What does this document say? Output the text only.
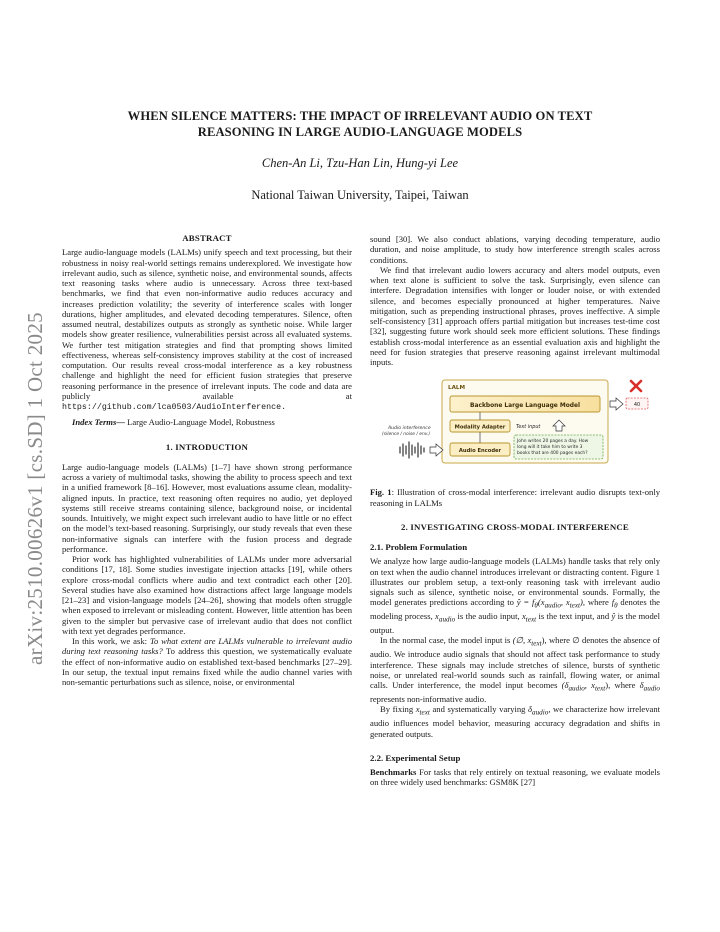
arXiv:2510.00626v1 [cs.SD] 1 Oct 2025
WHEN SILENCE MATTERS: THE IMPACT OF IRRELEVANT AUDIO ON TEXT
REASONING IN LARGE AUDIO-LANGUAGE MODELS
Chen-An Li, Tzu-Han Lin, Hung-yi Lee
National Taiwan University, Taipei, Taiwan

ABSTRACT

Large audio-language models (LALMs) unify speech and text processing, but their robustness in noisy real-world settings remains underexplored. We investigate how irrelevant audio, such as silence, synthetic noise, and environmental sounds, affects text reasoning tasks where audio is unnecessary. Across three text-based benchmarks, we find that even non-informative audio reduces accuracy and increases prediction volatility; the severity of interference scales with longer durations, higher amplitudes, and elevated decoding temperatures. Silence, often assumed neutral, destabilizes outputs as strongly as synthetic noise. While larger models show greater resilience, vulnerabilities persist across all evaluated systems. We further test mitigation strategies and find that prompting shows limited effectiveness, whereas self-consistency improves stability at the cost of increased computation. Our results reveal cross-modal interference as a key robustness challenge and highlight the need for efficient fusion strategies that preserve reasoning performance in the presence of irrelevant inputs. The code and data are publicly available at https://github.com/lca0503/AudioInterference.

Index Terms— Large Audio-Language Model, Robustness

1. INTRODUCTION

Large audio-language models (LALMs) [1–7] have shown strong performance across a variety of multimodal tasks, showing the ability to process speech and text in a unified framework [8–16]. However, most evaluations assume clean, modality-aligned inputs. In practice, text reasoning often requires no audio, yet deployed systems still receive streams containing silence, background noise, or incidental sounds. Intuitively, we might expect such irrelevant audio to have little or no effect on the model’s text-based reasoning. Surprisingly, our study reveals that even these non-informative signals can interfere with the fusion process and degrade performance.

Prior work has highlighted vulnerabilities of LALMs under more adversarial conditions [17, 18]. Some studies investigate injection attacks [19], while others explore cross-modal conflicts where audio and text contradict each other [20]. Several studies have also examined how distractions affect large language models [21–23] and vision-language models [24–26], showing that models often struggle when exposed to irrelevant or misleading content. However, little attention has been given to the simpler but pervasive case of irrelevant audio that does not conflict with text yet degrades performance.

In this work, we ask: To what extent are LALMs vulnerable to irrelevant audio during text reasoning tasks? To address this question, we systematically evaluate the effect of non-informative audio on established text-based benchmarks [27–29]. In our setup, the textual input remains fixed while the audio channel varies with non-semantic perturbations such as silence, noise, or environmental

sound [30]. We also conduct ablations, varying decoding temperature, audio duration, and noise amplitude, to study how interference strength scales across conditions.

We find that irrelevant audio lowers accuracy and alters model outputs, even when text alone is sufficient to solve the task. Surprisingly, even silence can interfere. Degradation intensifies with longer or louder noise, or with extended silence, and becomes especially pronounced at higher temperatures. Naive mitigation, such as prepending instructional phrases, proves ineffective. A simple self-consistency [31] approach offers partial mitigation but increases test-time cost [32], suggesting future work should seek more efficient solutions. These findings establish cross-modal interference as an essential evaluation axis and highlight the need for fusion strategies that preserve reasoning against irrelevant multimodal inputs.

LALM
Backbone Large Language Model
Modality Adapter
Audio Encoder
Text input
John writes 20 pages a day. How
long will it take him to write 3
books that are 400 pages each?
Audio interference
(silence / noise / env.)
40

Fig. 1: Illustration of cross-modal interference: irrelevant audio disrupts text-only reasoning in LALMs

2. INVESTIGATING CROSS-MODAL INTERFERENCE

2.1. Problem Formulation

We analyze how large audio-language models (LALMs) handle tasks that rely only on text when the audio channel introduces irrelevant or distracting content. Figure 1 illustrates our problem setup, a text-only reasoning task with irrelevant audio signals such as silence, synthetic noise, or environmental sounds. Formally, the model generates predictions according to ŷ = $f_\theta(x_{audio}$, $x_{text}$), where $f_\theta$ denotes the modeling process, $x_{audio}$ is the audio input, $x_{text}$ is the text input, and ŷ is the model output.

In the normal case, the model input is (∅, $x_{text}$), where ∅ denotes the absence of audio. We introduce audio signals that should not affect task performance to study interference. These signals may include stretches of silence, bursts of synthetic noise, or unrelated real-world sounds such as rainfall, flowing water, or animal calls. Under interference, the model input becomes ($\delta_{audio}$, $x_{text}$), where $\delta_{audio}$ represents non-informative audio.

By fixing $x_{text}$ and systematically varying $\delta_{audio}$, we characterize how irrelevant audio influences model behavior, measuring accuracy degradation and shifts in generated outputs.

2.2. Experimental Setup

Benchmarks For tasks that rely entirely on textual reasoning, we evaluate models on three widely used benchmarks: GSM8K [27]
